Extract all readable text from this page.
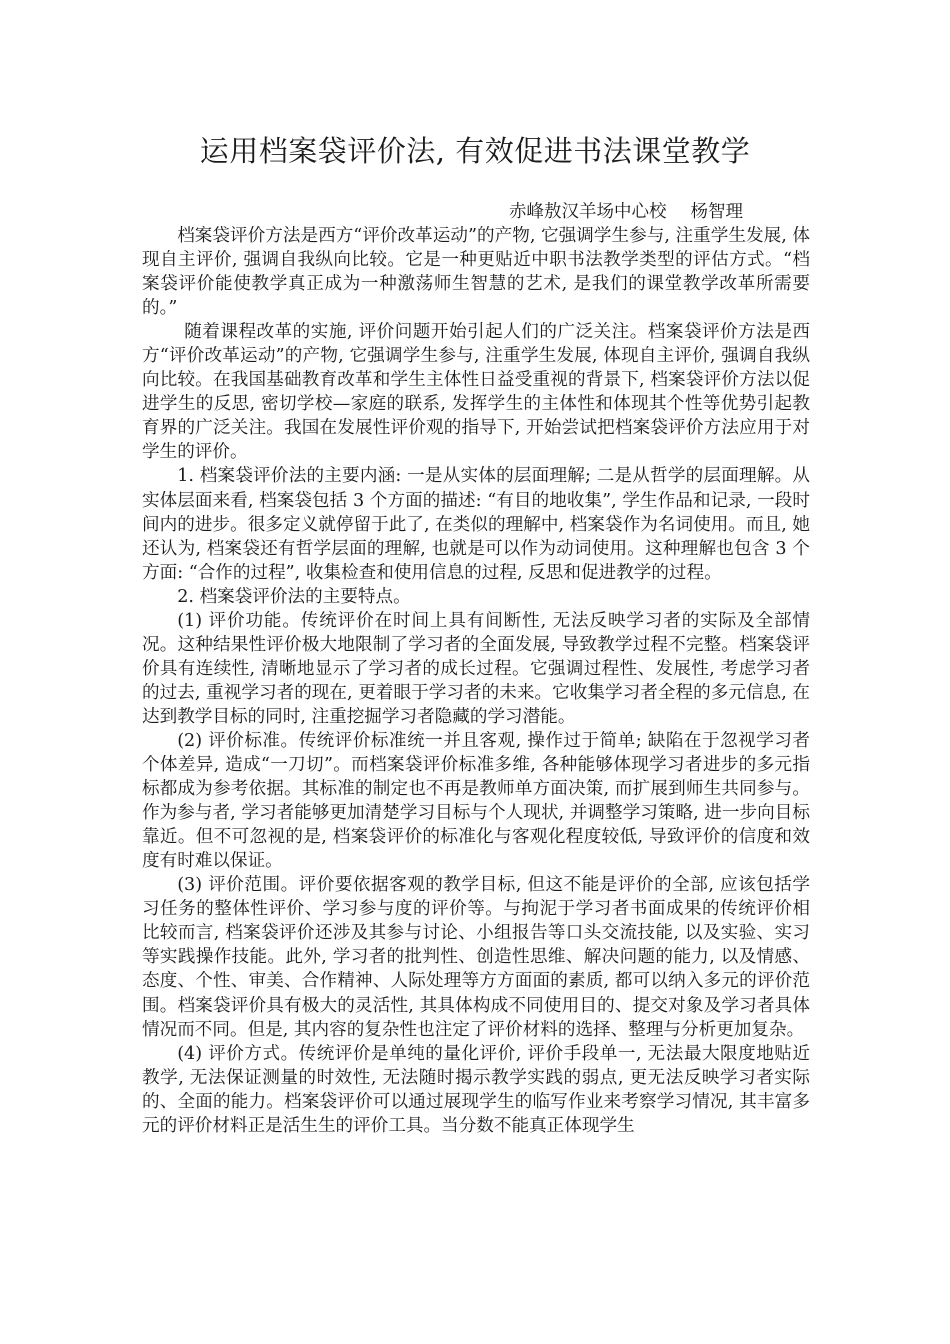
运用档案袋评价法, 有效促进书法课堂教学
赤峰敖汉羊场中心校 杨智理

档案袋评价方法是西方“评价改革运动”的产物, 它强调学生参与, 注重学生发展, 体现自主评价, 强调自我纵向比较。它是一种更贴近中职书法教学类型的评估方式。“档案袋评价能使教学真正成为一种激荡师生智慧的艺术, 是我们的课堂教学改革所需要的。”

随着课程改革的实施, 评价问题开始引起人们的广泛关注。档案袋评价方法是西方“评价改革运动”的产物, 它强调学生参与, 注重学生发展, 体现自主评价, 强调自我纵向比较。在我国基础教育改革和学生主体性日益受重视的背景下, 档案袋评价方法以促进学生的反思, 密切学校—家庭的联系, 发挥学生的主体性和体现其个性等优势引起教育界的广泛关注。我国在发展性评价观的指导下, 开始尝试把档案袋评价方法应用于对学生的评价。

1. 档案袋评价法的主要内涵: 一是从实体的层面理解; 二是从哲学的层面理解。从实体层面来看, 档案袋包括 3 个方面的描述: “有目的地收集”, 学生作品和记录, 一段时间内的进步。很多定义就停留于此了, 在类似的理解中, 档案袋作为名词使用。而且, 她还认为, 档案袋还有哲学层面的理解, 也就是可以作为动词使用。这种理解也包含 3 个方面: “合作的过程”, 收集检查和使用信息的过程, 反思和促进教学的过程。

2. 档案袋评价法的主要特点。

(1) 评价功能。传统评价在时间上具有间断性, 无法反映学习者的实际及全部情况。这种结果性评价极大地限制了学习者的全面发展, 导致教学过程不完整。档案袋评价具有连续性, 清晰地显示了学习者的成长过程。它强调过程性、发展性, 考虑学习者的过去, 重视学习者的现在, 更着眼于学习者的未来。它收集学习者全程的多元信息, 在达到教学目标的同时, 注重挖掘学习者隐藏的学习潜能。

(2) 评价标准。传统评价标准统一并且客观, 操作过于简单; 缺陷在于忽视学习者个体差异, 造成“一刀切”。而档案袋评价标准多维, 各种能够体现学习者进步的多元指标都成为参考依据。其标准的制定也不再是教师单方面决策, 而扩展到师生共同参与。作为参与者, 学习者能够更加清楚学习目标与个人现状, 并调整学习策略, 进一步向目标靠近。但不可忽视的是, 档案袋评价的标准化与客观化程度较低, 导致评价的信度和效度有时难以保证。

(3) 评价范围。评价要依据客观的教学目标, 但这不能是评价的全部, 应该包括学习任务的整体性评价、学习参与度的评价等。与拘泥于学习者书面成果的传统评价相比较而言, 档案袋评价还涉及其参与讨论、小组报告等口头交流技能, 以及实验、实习等实践操作技能。此外, 学习者的批判性、创造性思维、解决问题的能力, 以及情感、态度、个性、审美、合作精神、人际处理等方方面面的素质, 都可以纳入多元的评价范围。档案袋评价具有极大的灵活性, 其具体构成不同使用目的、提交对象及学习者具体情况而不同。但是, 其内容的复杂性也注定了评价材料的选择、整理与分析更加复杂。

(4) 评价方式。传统评价是单纯的量化评价, 评价手段单一, 无法最大限度地贴近教学, 无法保证测量的时效性, 无法随时揭示教学实践的弱点, 更无法反映学习者实际的、全面的能力。档案袋评价可以通过展现学生的临写作业来考察学习情况, 其丰富多元的评价材料正是活生生的评价工具。当分数不能真正体现学生
